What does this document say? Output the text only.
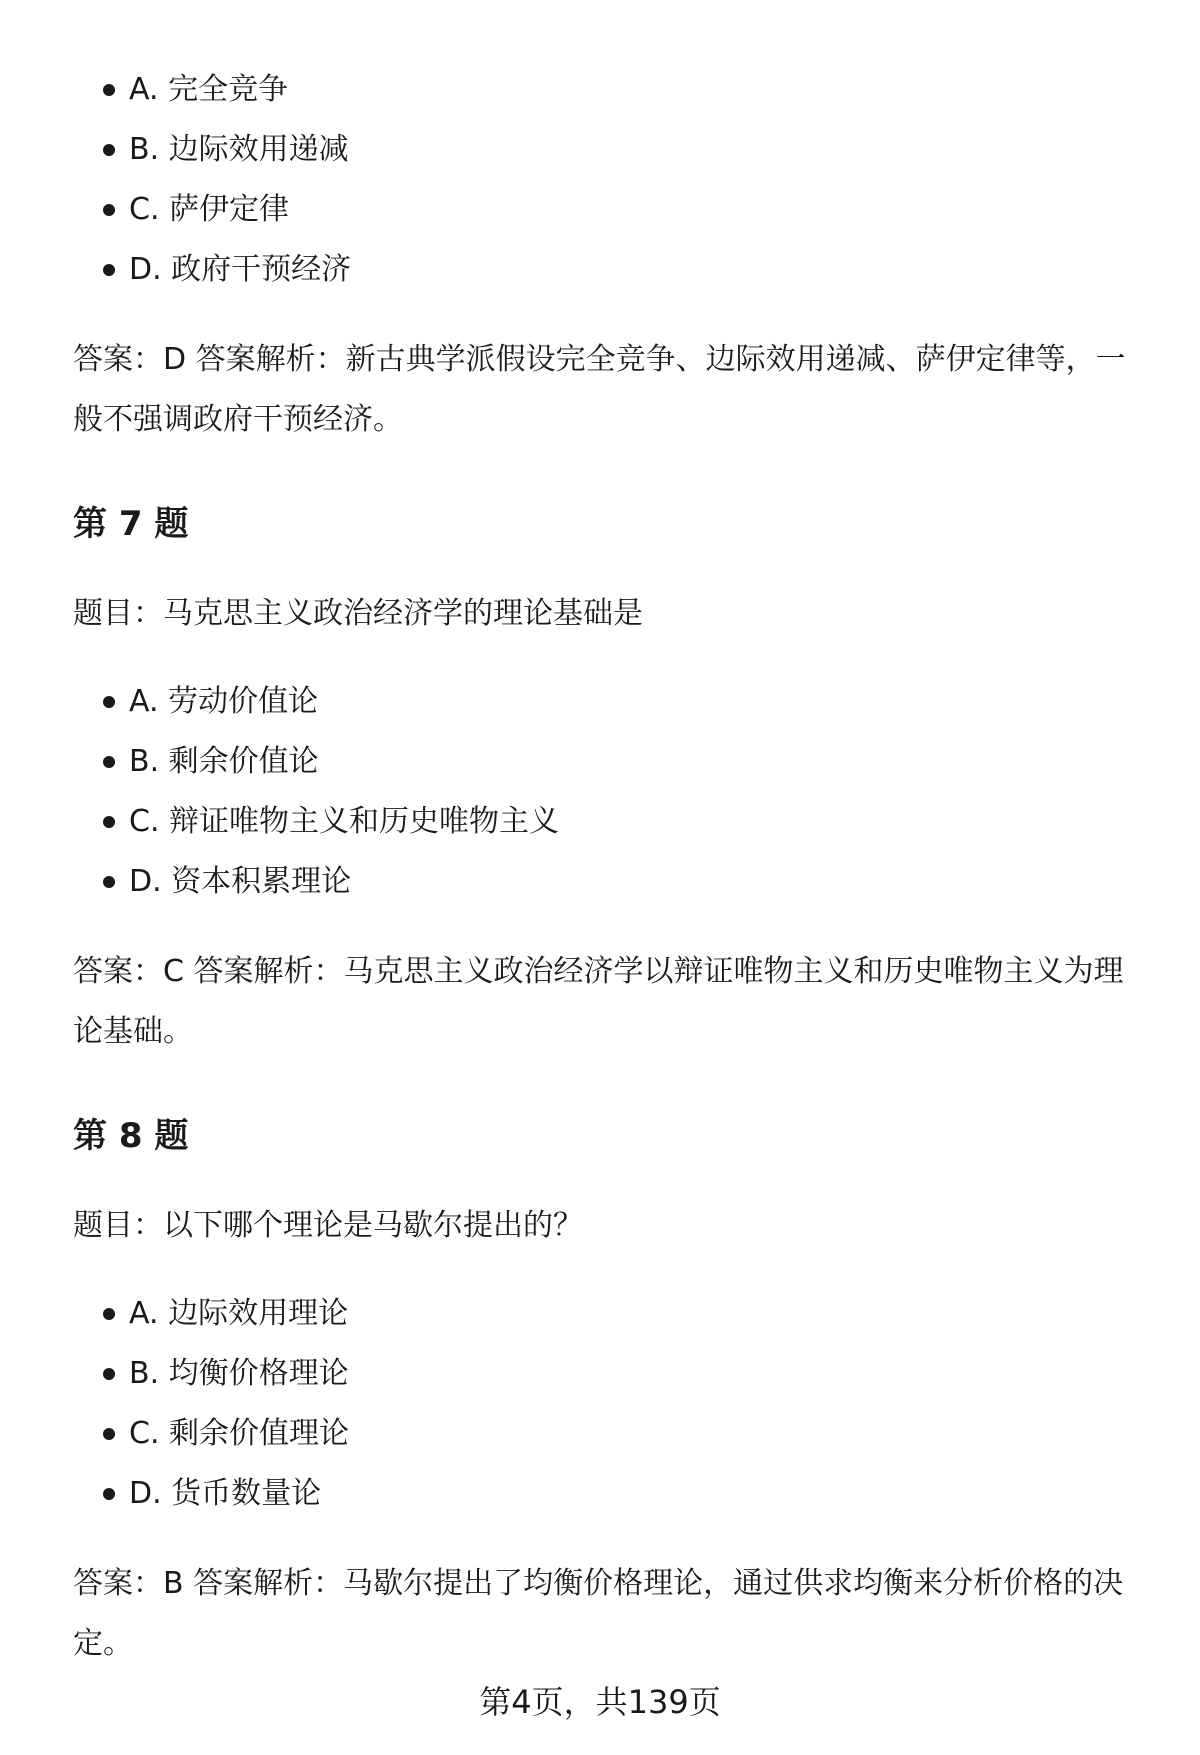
A. 完全竞争
B. 边际效用递减
C. 萨伊定律
D. 政府干预经济
答案：D 答案解析：新古典学派假设完全竞争、边际效用递减、萨伊定律等，一般不强调政府干预经济。
第 7 题
题目：马克思主义政治经济学的理论基础是
A. 劳动价值论
B. 剩余价值论
C. 辩证唯物主义和历史唯物主义
D. 资本积累理论
答案：C 答案解析：马克思主义政治经济学以辩证唯物主义和历史唯物主义为理论基础。
第 8 题
题目：以下哪个理论是马歇尔提出的？
A. 边际效用理论
B. 均衡价格理论
C. 剩余价值理论
D. 货币数量论
答案：B 答案解析：马歇尔提出了均衡价格理论，通过供求均衡来分析价格的决定。
第4页，共139页
